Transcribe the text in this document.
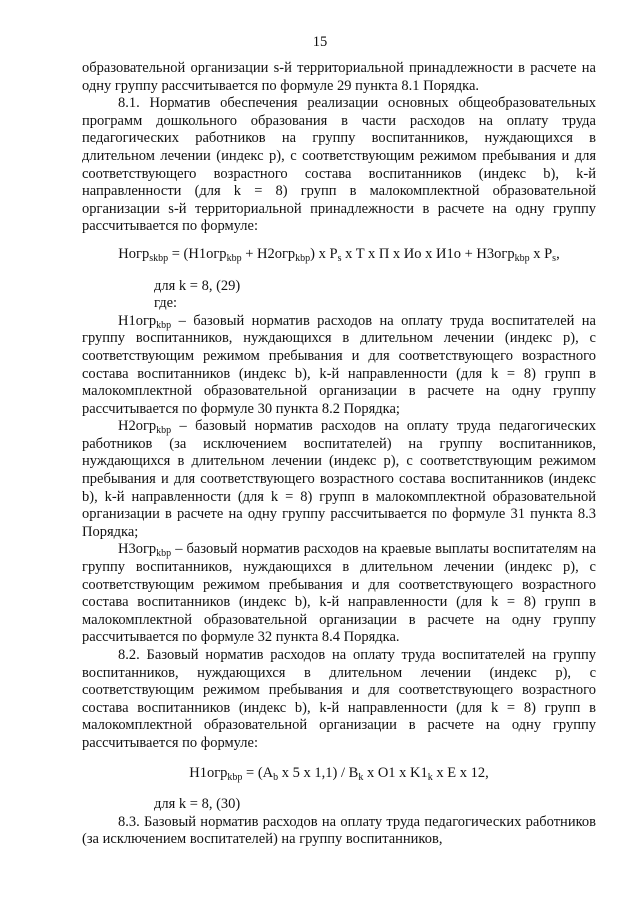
15

образовательной организации s-й территориальной принадлежности в расчете на одну группу рассчитывается по формуле 29 пункта 8.1 Порядка.

8.1. Норматив обеспечения реализации основных общеобразовательных программ дошкольного образования в части расходов на оплату труда педагогических работников на группу воспитанников, нуждающихся в длительном лечении (индекс р), с соответствующим режимом пребывания и для соответствующего возрастного состава воспитанников (индекс b), k-й направленности (для k = 8) групп в малокомплектной образовательной организации s-й территориальной принадлежности в расчете на одну группу рассчитывается по формуле:

Hогр$_{skbp}$ = (H1огр$_{kbp}$ + H2огр$_{kbp}$) x $P_s$ x T x П x Ио x И1о + H3огр$_{kbp}$ x $P_s$,

для k = 8, (29)

где:

H1огр$_{kbp}$ – базовый норматив расходов на оплату труда воспитателей на группу воспитанников, нуждающихся в длительном лечении (индекс р), с соответствующим режимом пребывания и для соответствующего возрастного состава воспитанников (индекс b), k-й направленности (для k = 8) групп в малокомплектной образовательной организации в расчете на одну группу рассчитывается по формуле 30 пункта 8.2 Порядка;

H2огр$_{kbp}$ – базовый норматив расходов на оплату труда педагогических работников (за исключением воспитателей) на группу воспитанников, нуждающихся в длительном лечении (индекс р), с соответствующим режимом пребывания и для соответствующего возрастного состава воспитанников (индекс b), k-й направленности (для k = 8) групп в малокомплектной образовательной организации в расчете на одну группу рассчитывается по формуле 31 пункта 8.3 Порядка;

H3огр$_{kbp}$ – базовый норматив расходов на краевые выплаты воспитателям на группу воспитанников, нуждающихся в длительном лечении (индекс р), с соответствующим режимом пребывания и для соответствующего возрастного состава воспитанников (индекс b), k-й направленности (для k = 8) групп в малокомплектной образовательной организации в расчете на одну группу рассчитывается по формуле 32 пункта 8.4 Порядка.

8.2. Базовый норматив расходов на оплату труда воспитателей на группу воспитанников, нуждающихся в длительном лечении (индекс р), с соответствующим режимом пребывания и для соответствующего возрастного состава воспитанников (индекс b), k-й направленности (для k = 8) групп в малокомплектной образовательной организации в расчете на одну группу рассчитывается по формуле:

$H1огр_{kbp} = (A_b$ x 5 x $1,1) / B_k$ x O1 x $K1_k$ x E x 12,

для k = 8, (30)

8.3. Базовый норматив расходов на оплату труда педагогических работников (за исключением воспитателей) на группу воспитанников,
